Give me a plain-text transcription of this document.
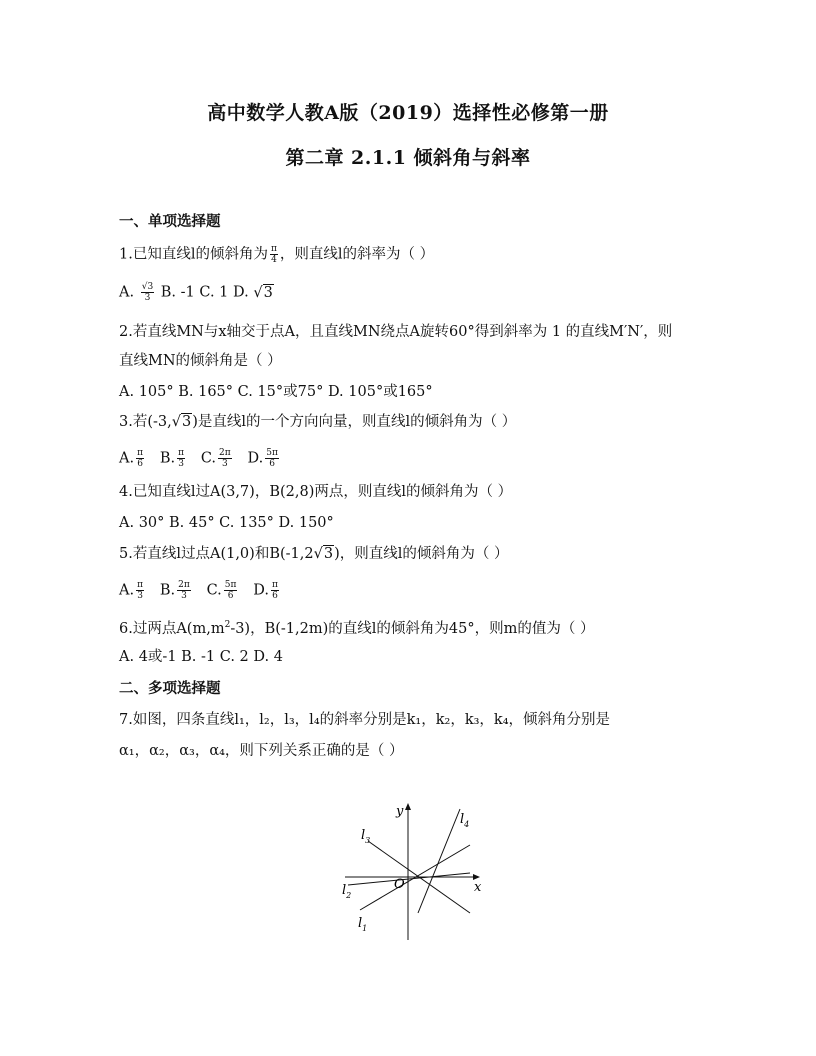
高中数学人教A版（2019）选择性必修第一册
第二章 2.1.1 倾斜角与斜率
一、单项选择题
1.已知直线l的倾斜角为 $\frac{\pi}{4}$ ，则直线l的斜率为（ ）
A. $\frac{√3}{3} B$. -1 C. 1 D. √3
2.若直线MN与x轴交于点A，且直线MN绕点A旋转60°得到斜率为 1 的直线M′N′，则
直线MN的倾斜角是（ ）
A. 105° B. 165° C. 15°或75° D. 105°或165°
3.若(-3,√3)是直线l的一个方向向量，则直线l的倾斜角为（ ）
A. $\frac{\pi}{6} B$. $\frac{\pi}{3} C$. $\frac{2\pi}{3} D$. $\frac{5\pi}{6}$
4.已知直线l过A(3,7)，B(2,8)两点，则直线l的倾斜角为（ ）
A. 30° B. 45° C. 135° D. 150°
5.若直线l过点A(1,0)和B(-1,2√3)，则直线l的倾斜角为（ ）
A. $\frac{\pi}{3} B$. $\frac{2\pi}{3} C$. $\frac{5\pi}{6} D$. $\frac{\pi}{6}$
6.过两点$A(m,m^2-3)$，B(-1,2m)的直线l的倾斜角为45°，则m的值为（ ）
A. 4或-1 B. -1 C. 2 D. 4
二、多项选择题
7.如图，四条直线l₁，l₂，l₃，l₄的斜率分别是k₁，k₂，k₃，k₄，倾斜角分别是
α₁，α₂，α₃，α₄，则下列关系正确的是（ ）
y
x
O
$l_4$
$l_3$
$l_2$
$l_1$
